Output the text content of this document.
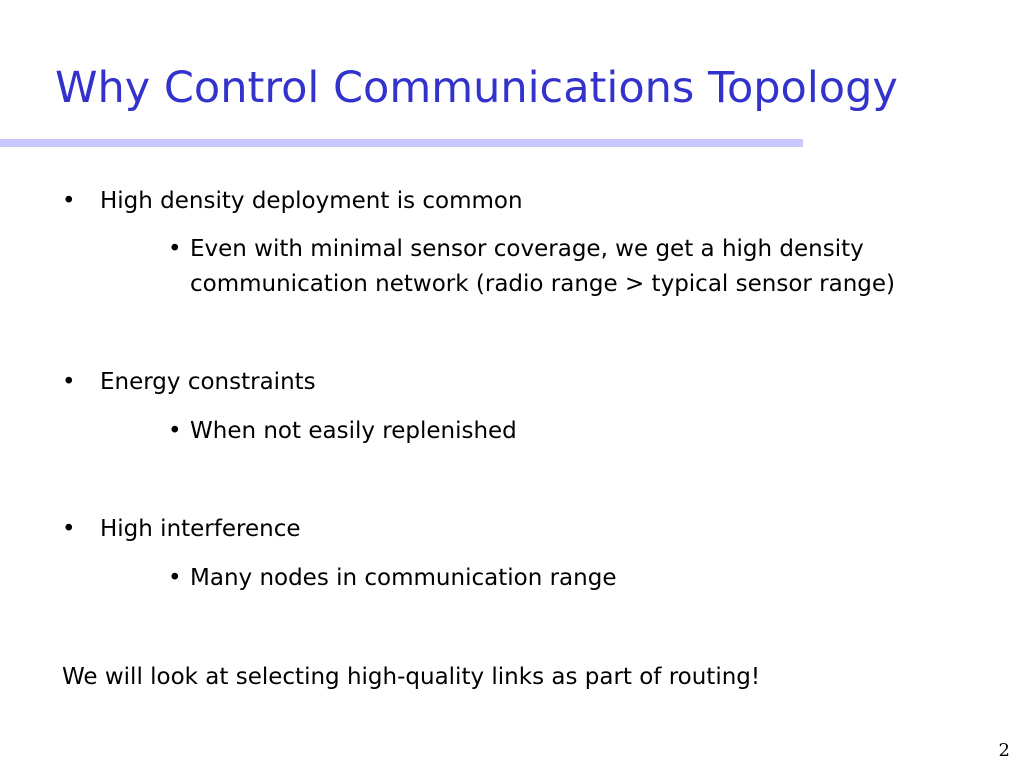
Why Control Communications Topology
• High density deployment is common
• Even with minimal sensor coverage, we get a high density
communication network (radio range > typical sensor range)
• Energy constraints
• When not easily replenished
• High interference
• Many nodes in communication range
We will look at selecting high-quality links as part of routing!
2
